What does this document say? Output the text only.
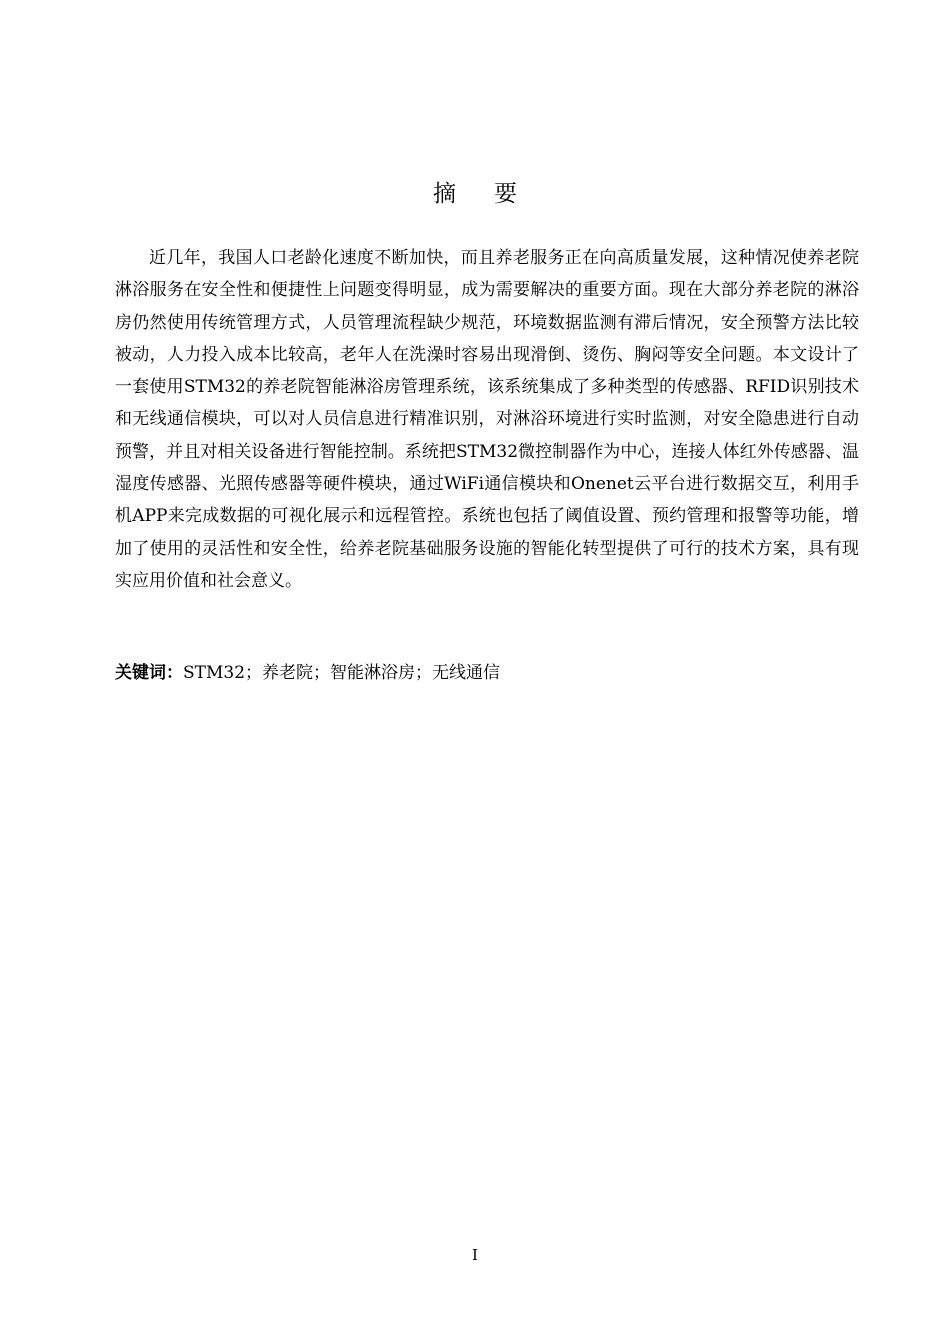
摘 要

近几年，我国人口老龄化速度不断加快，而且养老服务正在向高质量发展，这种情况使养老院淋浴服务在安全性和便捷性上问题变得明显，成为需要解决的重要方面。现在大部分养老院的淋浴房仍然使用传统管理方式，人员管理流程缺少规范，环境数据监测有滞后情况，安全预警方法比较被动，人力投入成本比较高，老年人在洗澡时容易出现滑倒、烫伤、胸闷等安全问题。本文设计了一套使用STM32的养老院智能淋浴房管理系统，该系统集成了多种类型的传感器、RFID识别技术和无线通信模块，可以对人员信息进行精准识别，对淋浴环境进行实时监测，对安全隐患进行自动预警，并且对相关设备进行智能控制。系统把STM32微控制器作为中心，连接人体红外传感器、温湿度传感器、光照传感器等硬件模块，通过WiFi通信模块和Onenet云平台进行数据交互，利用手机APP来完成数据的可视化展示和远程管控。系统也包括了阈值设置、预约管理和报警等功能，增加了使用的灵活性和安全性，给养老院基础服务设施的智能化转型提供了可行的技术方案，具有现实应用价值和社会意义。

关键词：STM32；养老院；智能淋浴房；无线通信

I
